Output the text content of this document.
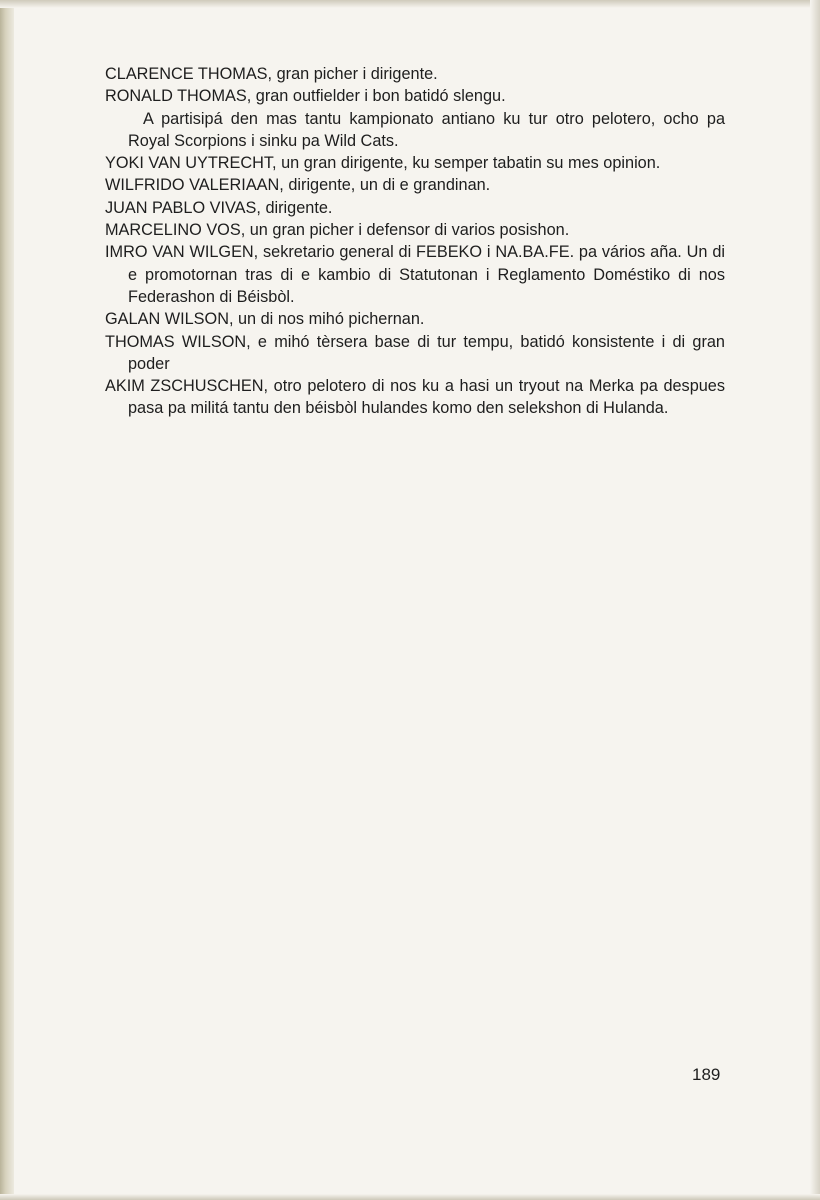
CLARENCE THOMAS, gran picher i dirigente.

RONALD THOMAS, gran outfielder i bon batidó slengu.

A partisipá den mas tantu kampionato antiano ku tur otro pelotero, ocho pa Royal Scorpions i sinku pa Wild Cats.

YOKI VAN UYTRECHT, un gran dirigente, ku semper tabatin su mes opinion.

WILFRIDO VALERIAAN, dirigente, un di e grandinan.

JUAN PABLO VIVAS, dirigente.

MARCELINO VOS, un gran picher i defensor di varios posishon.

IMRO VAN WILGEN, sekretario general di FEBEKO i NA.BA.FE. pa vários aña. Un di e promotornan tras di e kambio di Statutonan i Reglamento Doméstiko di nos Federashon di Béisbòl.

GALAN WILSON, un di nos mihó pichernan.

THOMAS WILSON, e mihó tèrsera base di tur tempu, batidó konsistente i di gran poder

AKIM ZSCHUSCHEN, otro pelotero di nos ku a hasi un tryout na Merka pa despues pasa pa militá tantu den béisbòl hulandes komo den selekshon di Hulanda.

189
